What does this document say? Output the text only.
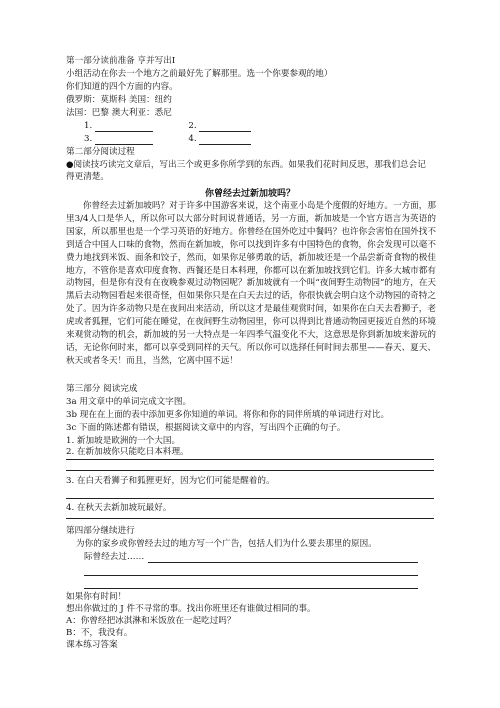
第一部分读前准备 亨并写出Ⅰ
小组活动在你去一个地方之前最好先了解那里。选一个你要参观的地）
你们知道的四个方面的内容。
俄罗斯：莫斯科 美国：纽约
法国：巴黎 澳大利亚：悉尼
1.	2.
3.	4.
第二部分阅读过程
●阅读技巧读完文章后，写出三个或更多你所学到的东西。如果我们花时间反思，那我们总会记
得更清楚。
你曾经去过新加坡吗？
你曾经去过新加坡吗？对于许多中国游客来说，这个南亚小岛是个度假的好地方。一方面，那里3/4人口是华人，所以你可以大部分时间说普通话，另一方面，新加坡是一个官方语言为英语的国家，所以那里也是一个学习英语的好地方。你曾经在国外吃过中餐吗？也许你会害怕在国外找不到适合中国人口味的食物，然而在新加坡，你可以找到许多有中国特色的食物，你会发现可以毫不费力地找到米饭、面条和饺子，然而，如果你足够勇敢的话，新加坡还是一个品尝新奇食物的极佳地方，不管你是喜欢印度食物、西餐还是日本料理，你都可以在新加坡找到它们。许多大城市都有动物园，但是你有没有在夜晚参观过动物园呢？新加坡就有一个叫“夜间野生动物园”的地方，在天黑后去动物园看起来很奇怪，但如果你只是在白天去过的话，你很快就会明白这个动物园的奇特之处了。因为许多动物只是在夜间出来活动，所以这才是最佳观赏时间，如果你在白天去看狮子，老虎或者狐狸，它们可能在睡觉，在夜间野生动物园里，你可以得到比普通动物园更接近自然的环境来观赏动物的机会，新加坡的另一大特点是一年四季气温变化不大，这意思是你到新加坡来游玩的话，无论你何时来，都可以享受到同样的天气。所以你可以选择任何时间去那里——春天、夏天、秋天或者冬天！而且，当然，它离中国不远！
第三部分 阅读完成
3a 用文章中的单词完成文字图。
3b 现在在上面的表中添加更多你知道的单词。将你和你的同伴所填的单词进行对比。
3c 下面的陈述都有错误，根据阅读文章中的内容，写出四个正确的句子。
1. 新加坡是欧洲的一个大国。
2. 在新加坡你只能吃日本料理。
3. 在白天看狮子和狐狸更好，因为它们可能是醒着的。
4. 在秋天去新加坡玩最好。
第四部分继续进行
为你的家乡或你曾经去过的地方写一个广告，包括人们为什么要去那里的原因。
际曾经去过……
如果你有时间！
想出你做过的 J 件不寻常的事。找出你班里还有谁做过相同的事。
A：你曾经把冰淇淋和米饭放在一起吃过吗？
B：不，我没有。
课本练习答案
